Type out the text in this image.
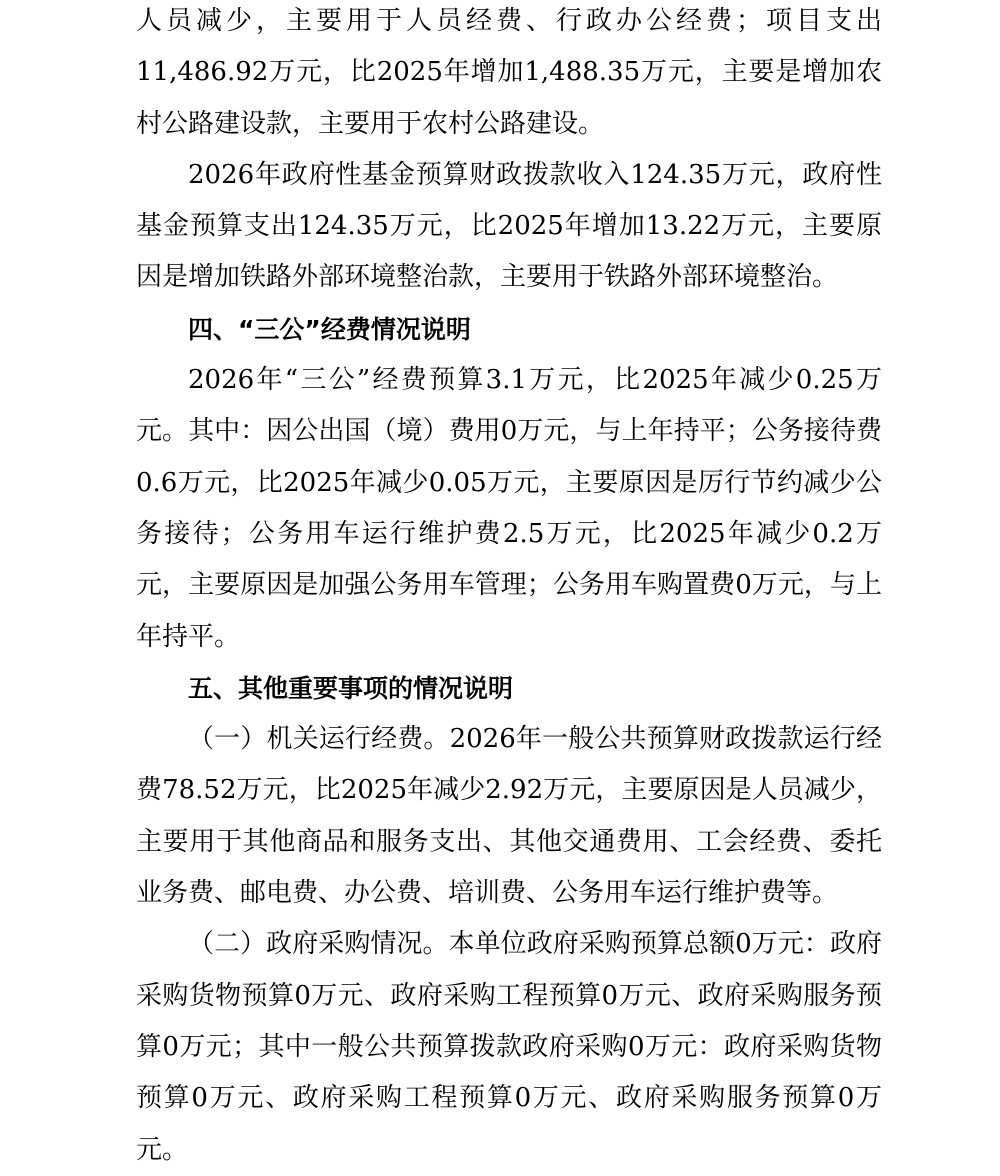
人员减少，主要用于人员经费、行政办公经费；项目支出11,486.92万元，比2025年增加1,488.35万元，主要是增加农村公路建设款，主要用于农村公路建设。

2026年政府性基金预算财政拨款收入124.35万元，政府性基金预算支出124.35万元，比2025年增加13.22万元，主要原因是增加铁路外部环境整治款，主要用于铁路外部环境整治。

四、“三公”经费情况说明

2026年“三公”经费预算3.1万元，比2025年减少0.25万元。其中：因公出国（境）费用0万元，与上年持平；公务接待费0.6万元，比2025年减少0.05万元，主要原因是厉行节约减少公务接待；公务用车运行维护费2.5万元，比2025年减少0.2万元，主要原因是加强公务用车管理；公务用车购置费0万元，与上年持平。

五、其他重要事项的情况说明

（一）机关运行经费。2026年一般公共预算财政拨款运行经费78.52万元，比2025年减少2.92万元，主要原因是人员减少，主要用于其他商品和服务支出、其他交通费用、工会经费、委托业务费、邮电费、办公费、培训费、公务用车运行维护费等。

（二）政府采购情况。本单位政府采购预算总额0万元：政府采购货物预算0万元、政府采购工程预算0万元、政府采购服务预算0万元；其中一般公共预算拨款政府采购0万元：政府采购货物预算0万元、政府采购工程预算0万元、政府采购服务预算0万元。
